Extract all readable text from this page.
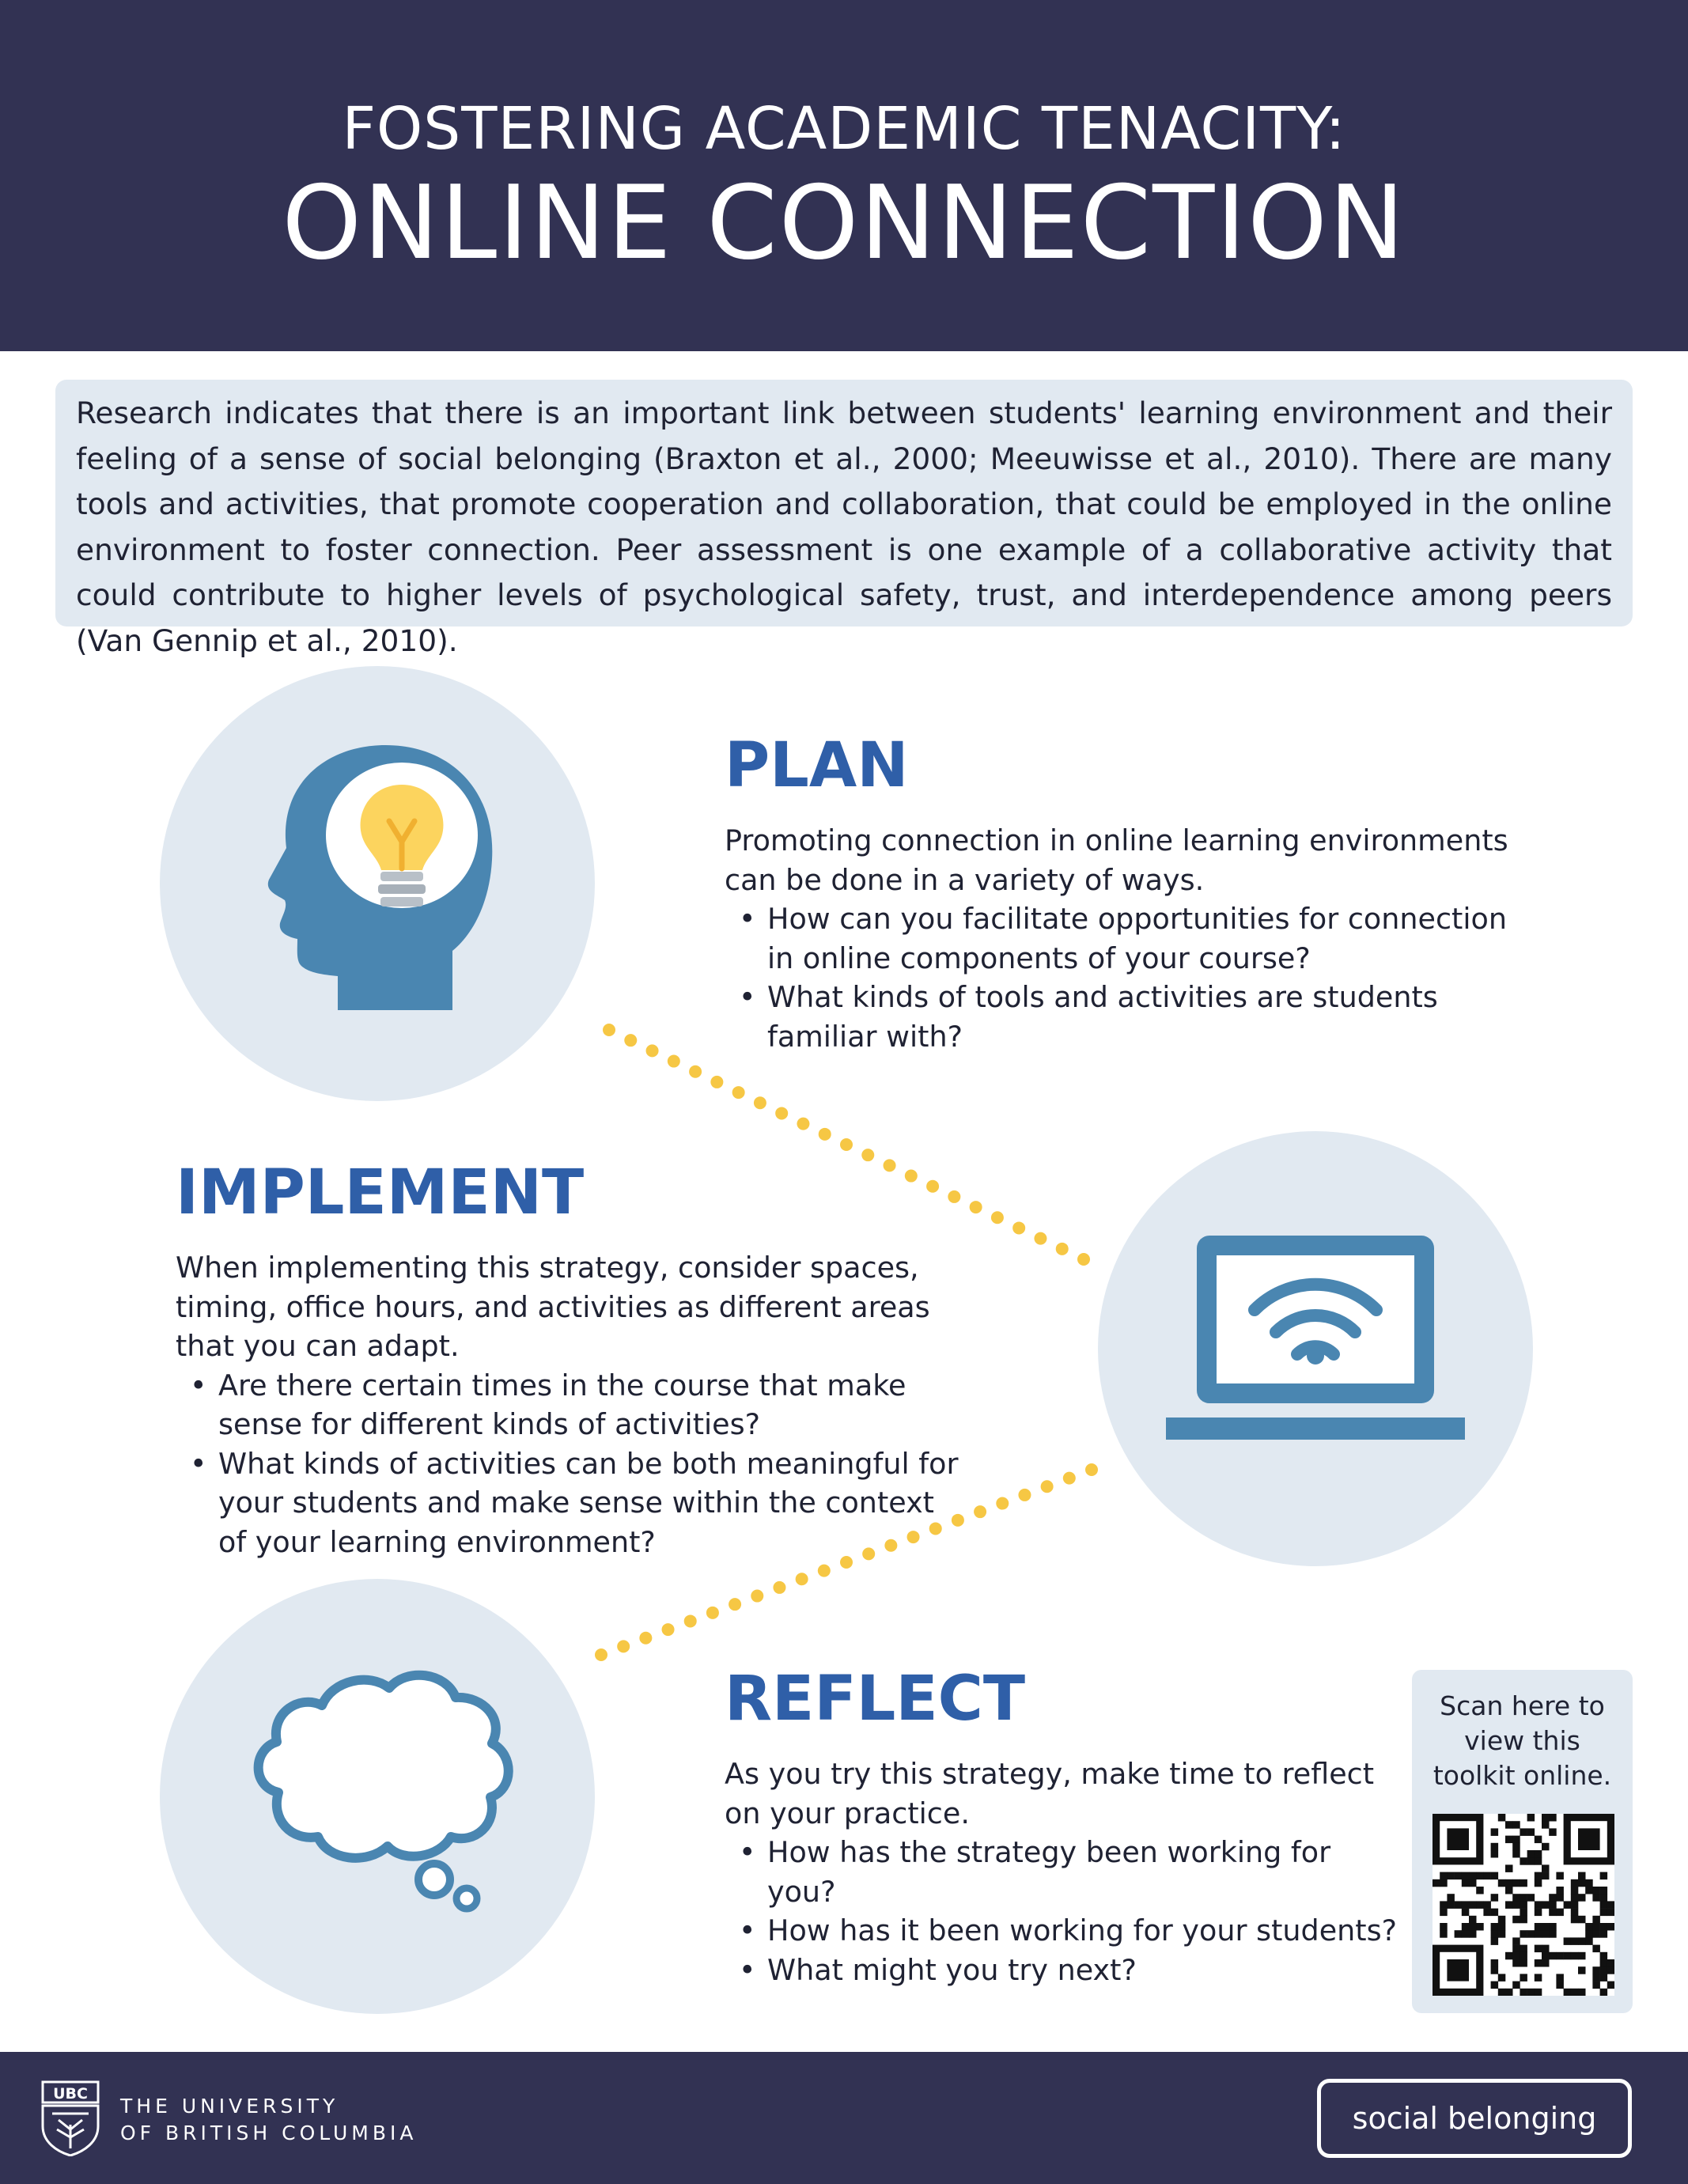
FOSTERING ACADEMIC TENACITY:
ONLINE CONNECTION

Research indicates that there is an important link between students' learning environment and their feeling of a sense of social belonging (Braxton et al., 2000; Meeuwisse et al., 2010). There are many tools and activities, that promote cooperation and collaboration, that could be employed in the online environment to foster connection. Peer assessment is one example of a collaborative activity that could contribute to higher levels of psychological safety, trust, and interdependence among peers (Van Gennip et al., 2010).

PLAN

Promoting connection in online learning environments can be done in a variety of ways.

• How can you facilitate opportunities for connection in online components of your course?
• What kinds of tools and activities are students familiar with?
IMPLEMENT

When implementing this strategy, consider spaces, timing, office hours, and activities as different areas that you can adapt.

• Are there certain times in the course that make sense for different kinds of activities?
• What kinds of activities can be both meaningful for your students and make sense within the context of your learning environment?
REFLECT

As you try this strategy, make time to reflect on your practice.

• How has the strategy been working for you?
• How has it been working for your students?
• What might you try next?
Scan here to
view this
toolkit online.
UBC
THE UNIVERSITY
OF BRITISH COLUMBIA	social belonging
